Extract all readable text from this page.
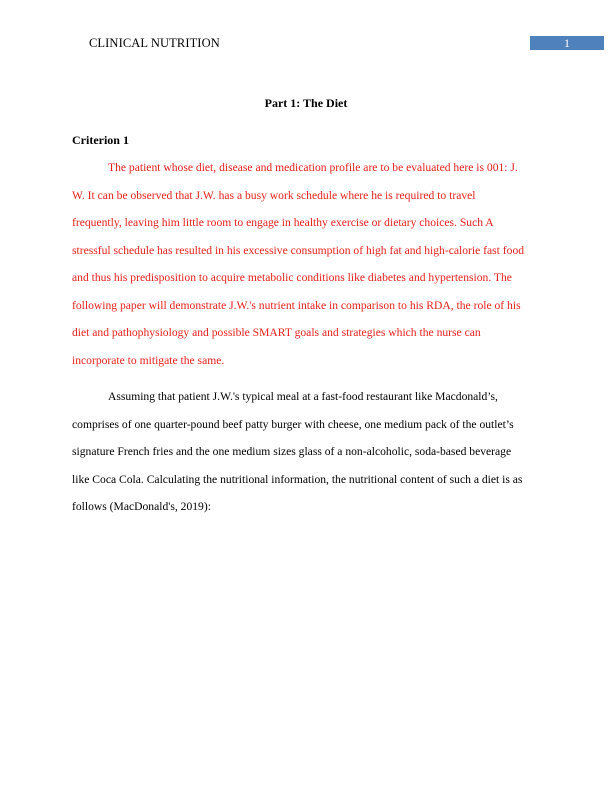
CLINICAL NUTRITION	1
Part 1: The Diet
Criterion 1

The patient whose diet, disease and medication profile are to be evaluated here is 001: J.
W. It can be observed that J.W. has a busy work schedule where he is required to travel
frequently, leaving him little room to engage in healthy exercise or dietary choices. Such A
stressful schedule has resulted in his excessive consumption of high fat and high-calorie fast food
and thus his predisposition to acquire metabolic conditions like diabetes and hypertension. The
following paper will demonstrate J.W.'s nutrient intake in comparison to his RDA, the role of his
diet and pathophysiology and possible SMART goals and strategies which the nurse can
incorporate to mitigate the same.

Assuming that patient J.W.'s typical meal at a fast-food restaurant like Macdonald’s,
comprises of one quarter-pound beef patty burger with cheese, one medium pack of the outlet’s
signature French fries and the one medium sizes glass of a non-alcoholic, soda-based beverage
like Coca Cola. Calculating the nutritional information, the nutritional content of such a diet is as
follows (MacDonald's, 2019):
